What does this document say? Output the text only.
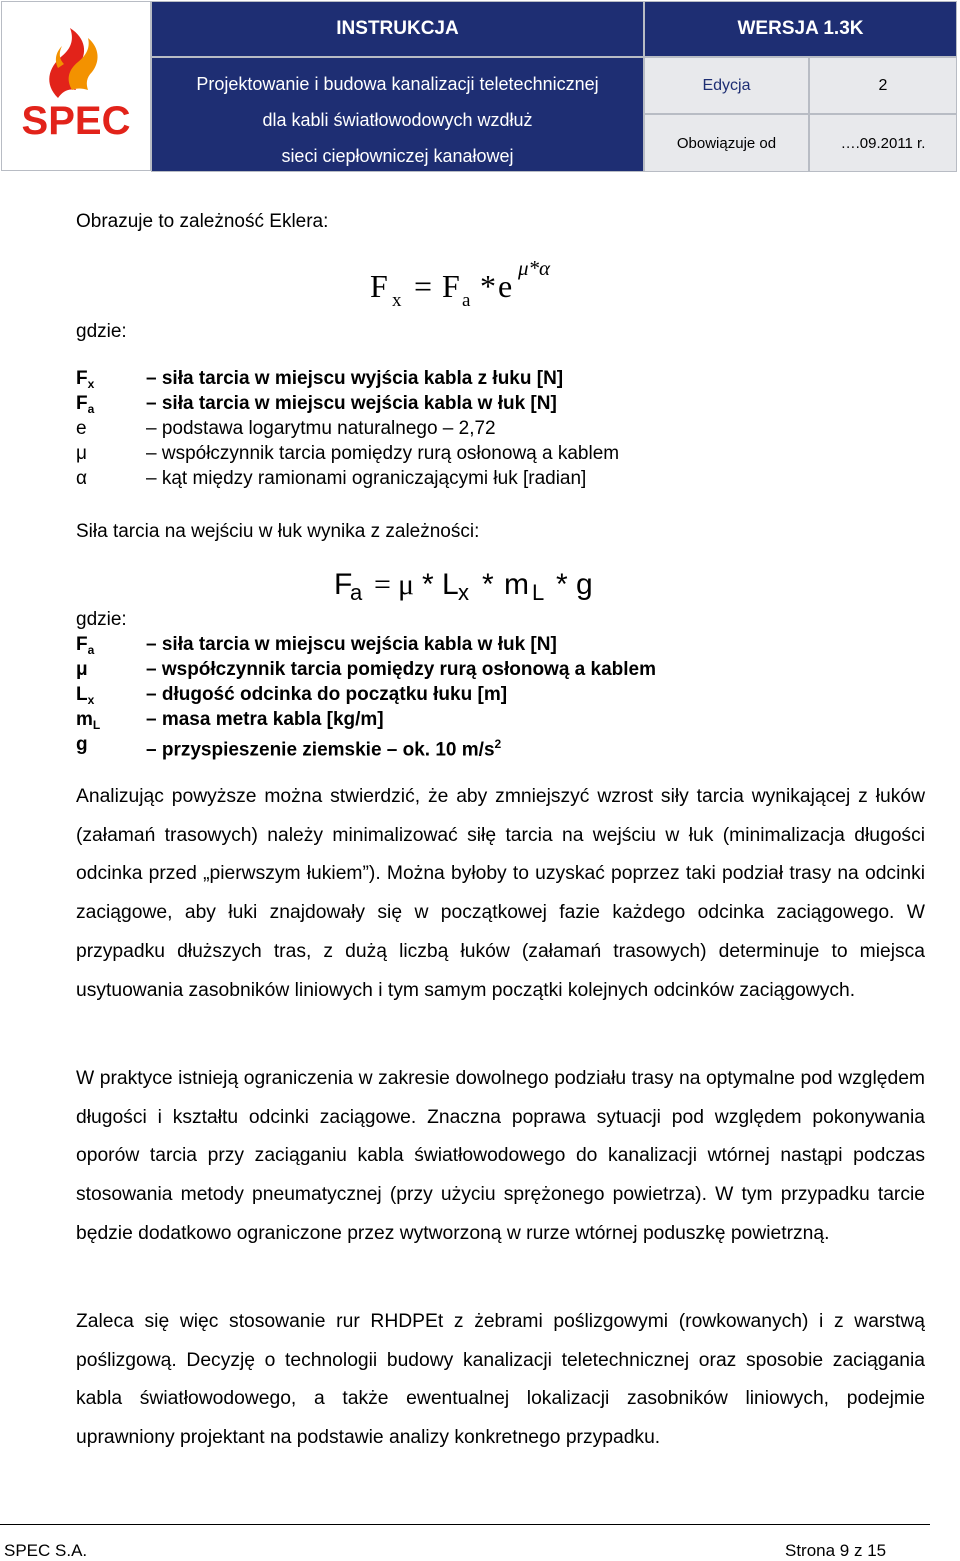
SPEC
INSTRUKCJA	WERSJA 1.3K
Projektowanie i budowa kanalizacji teletechnicznej
dla kabli światłowodowych wzdłuż
sieci ciepłowniczej kanałowej
Edycja	2
Obowiązuje od	….09.2011 r.
Obrazuje to zależność Eklera:
F x = F a * e μ*α
gdzie:
$F_x$	– siła tarcia w miejscu wyjścia kabla z łuku [N]
$F_a$	– siła tarcia w miejscu wejścia kabla w łuk [N]
e	– podstawa logarytmu naturalnego – 2,72
μ	– współczynnik tarcia pomiędzy rurą osłonową a kablem
α	– kąt między ramionami ograniczającymi łuk [radian]
Siła tarcia na wejściu w łuk wynika z zależności:
F
a = μ * L x * m L * g
gdzie:
$F_a$	– siła tarcia w miejscu wejścia kabla w łuk [N]
μ	– współczynnik tarcia pomiędzy rurą osłonową a kablem
$L_x$	– długość odcinka do początku łuku [m]
$m_L$ – masa metra kabla [kg/m]
g	– przyspieszenie ziemskie – ok. 10 $m/s^2$
Analizując powyższe można stwierdzić, że aby zmniejszyć wzrost siły tarcia wynikającej z łuków (załamań trasowych) należy minimalizować siłę tarcia na wejściu w łuk (minimalizacja długości odcinka przed „pierwszym łukiem”). Można byłoby to uzyskać poprzez taki podział trasy na odcinki zaciągowe, aby łuki znajdowały się w początkowej fazie każdego odcinka zaciągowego. W przypadku dłuższych tras, z dużą liczbą łuków (załamań trasowych) determinuje to miejsca usytuowania zasobników liniowych i tym samym początki kolejnych odcinków zaciągowych.
W praktyce istnieją ograniczenia w zakresie dowolnego podziału trasy na optymalne pod względem długości i kształtu odcinki zaciągowe. Znaczna poprawa sytuacji pod względem pokonywania oporów tarcia przy zaciąganiu kabla światłowodowego do kanalizacji wtórnej nastąpi podczas stosowania metody pneumatycznej (przy użyciu sprężonego powietrza). W tym przypadku tarcie będzie dodatkowo ograniczone przez wytworzoną w rurze wtórnej poduszkę powietrzną.
Zaleca się więc stosowanie rur RHDPEt z żebrami poślizgowymi (rowkowanych) i z warstwą poślizgową. Decyzję o technologii budowy kanalizacji teletechnicznej oraz sposobie zaciągania kabla światłowodowego, a także ewentualnej lokalizacji zasobników liniowych, podejmie uprawniony projektant na podstawie analizy konkretnego przypadku.
SPEC S.A.	Strona 9 z 15
